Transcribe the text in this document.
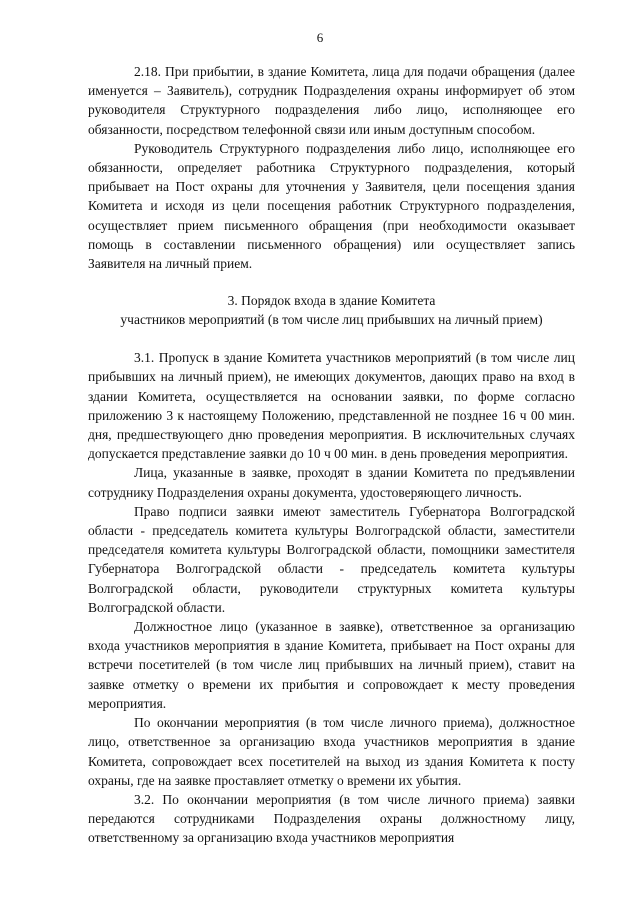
6

2.18. При прибытии, в здание Комитета, лица для подачи обращения (далее именуется – Заявитель), сотрудник Подразделения охраны информирует об этом руководителя Структурного подразделения либо лицо, исполняющее его обязанности, посредством телефонной связи или иным доступным способом.

Руководитель Структурного подразделения либо лицо, исполняющее его обязанности, определяет работника Структурного подразделения, который прибывает на Пост охраны для уточнения у Заявителя, цели посещения здания Комитета и исходя из цели посещения работник Структурного подразделения, осуществляет прием письменного обращения (при необходимости оказывает помощь в составлении письменного обращения) или осуществляет запись Заявителя на личный прием.

3. Порядок входа в здание Комитета
участников мероприятий (в том числе лиц прибывших на личный прием)

3.1. Пропуск в здание Комитета участников мероприятий (в том числе лиц прибывших на личный прием), не имеющих документов, дающих право на вход в здании Комитета, осуществляется на основании заявки, по форме согласно приложению 3 к настоящему Положению, представленной не позднее 16 ч 00 мин. дня, предшествующего дню проведения мероприятия. В исключительных случаях допускается представление заявки до 10 ч 00 мин. в день проведения мероприятия.

Лица, указанные в заявке, проходят в здании Комитета по предъявлении сотруднику Подразделения охраны документа, удостоверяющего личность.

Право подписи заявки имеют заместитель Губернатора Волгоградской области - председатель комитета культуры Волгоградской области, заместители председателя комитета культуры Волгоградской области, помощники заместителя Губернатора Волгоградской области - председатель комитета культуры Волгоградской области, руководители структурных комитета культуры Волгоградской области.

Должностное лицо (указанное в заявке), ответственное за организацию входа участников мероприятия в здание Комитета, прибывает на Пост охраны для встречи посетителей (в том числе лиц прибывших на личный прием), ставит на заявке отметку о времени их прибытия и сопровождает к месту проведения мероприятия.

По окончании мероприятия (в том числе личного приема), должностное лицо, ответственное за организацию входа участников мероприятия в здание Комитета, сопровождает всех посетителей на выход из здания Комитета к посту охраны, где на заявке проставляет отметку о времени их убытия.

3.2. По окончании мероприятия (в том числе личного приема) заявки передаются сотрудниками Подразделения охраны должностному лицу, ответственному за организацию входа участников мероприятия
